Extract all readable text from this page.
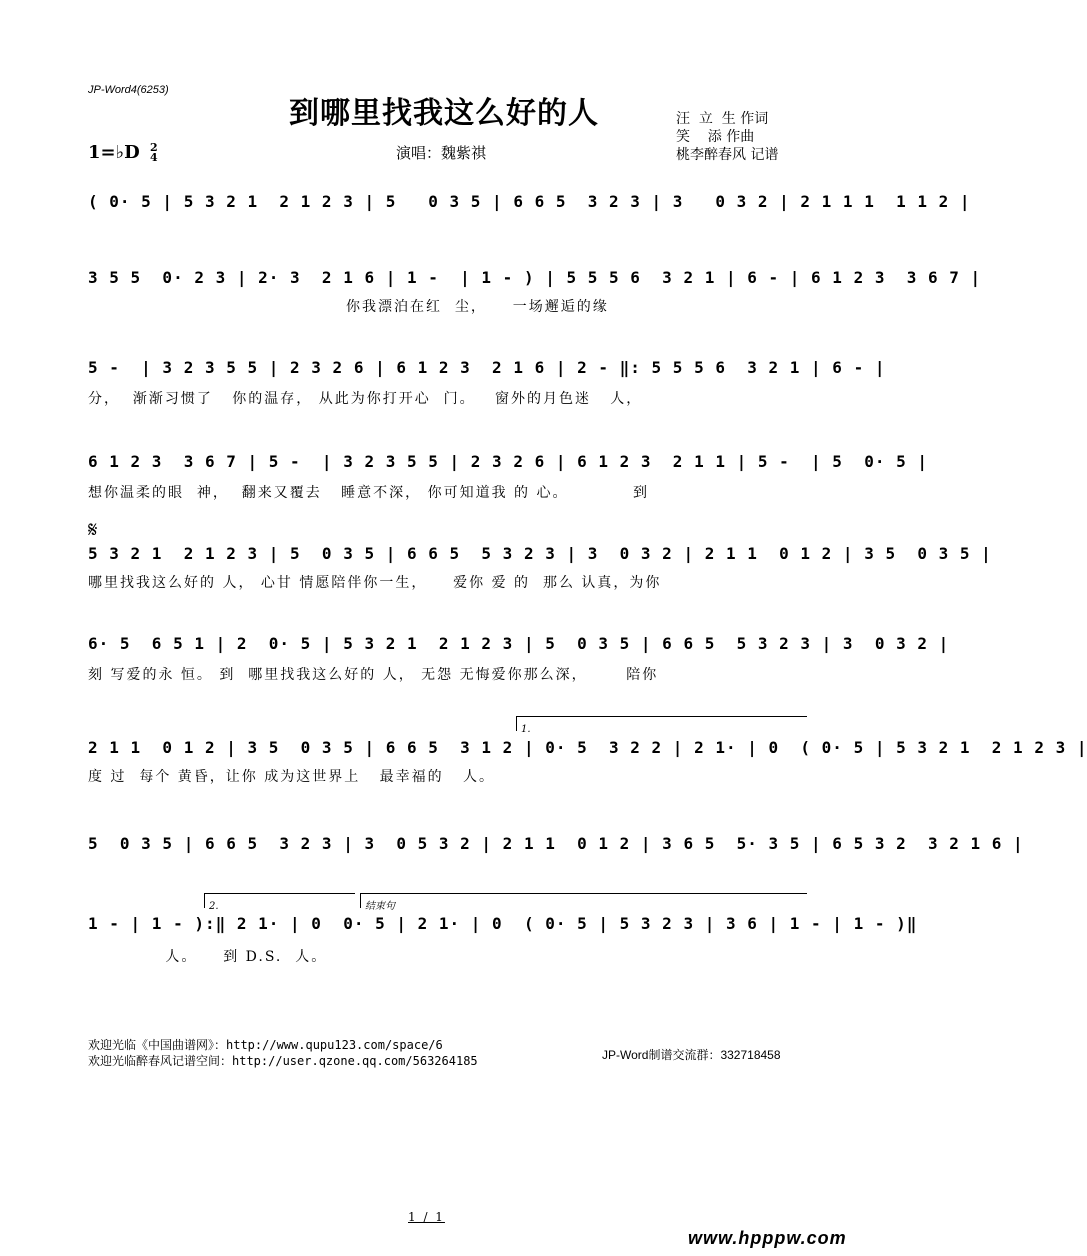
JP-Word4(6253)
到哪里找我这么好的人
演唱：魏紫祺
汪  立  生 作词
笑    添 作曲
桃李醉春风 记谱
1=♭D 2
4
( 0· 5 | 5 3 2 1  2 1 2 3 | 5   0 3 5 | 6 6 5  3 2 3 | 3   0 3 2 | 2 1 1 1  1 1 2 |
3 5 5  0· 2 3 | 2· 3  2 1 6 | 1 -  | 1 - ) | 5 5 5 6  3 2 1 | 6 - | 6 1 2 3  3 6 7 |
你我漂泊在红  尘，    一场邂逅的缘
5 -  | 3 2 3 5 5 | 2 3 2 6 | 6 1 2 3  2 1 6 | 2 - ‖: 5 5 5 6  3 2 1 | 6 - |
分，  渐渐习惯了   你的温存， 从此为你打开心  门。   窗外的月色迷   人，
6 1 2 3  3 6 7 | 5 -  | 3 2 3 5 5 | 2 3 2 6 | 6 1 2 3  2 1 1 | 5 -  | 5  0· 5 |
想你温柔的眼  神，  翻来又覆去   睡意不深， 你可知道我 的 心。          到
𝄋
5 3 2 1  2 1 2 3 | 5  0 3 5 | 6 6 5  5 3 2 3 | 3  0 3 2 | 2 1 1  0 1 2 | 3 5  0 3 5 |
哪里找我这么好的 人， 心甘 情愿陪伴你一生，    爱你 爱 的  那么 认真，为你
6· 5  6 5 1 | 2  0· 5 | 5 3 2 1  2 1 2 3 | 5  0 3 5 | 6 6 5  5 3 2 3 | 3  0 3 2 |
刻 写爱的永 恒。 到  哪里找我这么好的 人， 无怨 无悔爱你那么深，      陪你
1.
2 1 1  0 1 2 | 3 5  0 3 5 | 6 6 5  3 1 2 | 0· 5  3 2 2 | 2 1· | 0  ( 0· 5 | 5 3 2 1  2 1 2 3 |
度 过  每个 黄昏，让你 成为这世界上   最幸福的   人。
5  0 3 5 | 6 6 5  3 2 3 | 3  0 5 3 2 | 2 1 1  0 1 2 | 3 6 5  5· 3 5 | 6 5 3 2  3 2 1 6 |
2.	结束句
1 - | 1 - ):‖ 2 1· | 0  0· 5 | 2 1· | 0  ( 0· 5 | 5 3 2 3 | 3 6 | 1 - | 1 - )‖
人。    到 D.S.  人。
欢迎光临《中国曲谱网》：http://www.qupu123.com/space/6
欢迎光临醉春风记谱空间：http://user.qzone.qq.com/563264185	JP-Word制谱交流群：332718458
1 / 1
www.hpppw.com
